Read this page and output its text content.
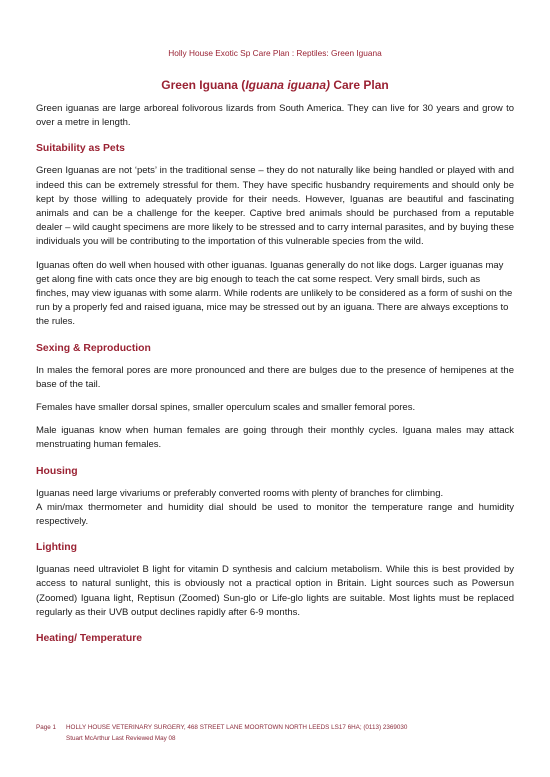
Holly House Exotic Sp Care Plan : Reptiles: Green Iguana
Green Iguana (Iguana iguana) Care Plan

Green iguanas are large arboreal folivorous lizards from South America. They can live for 30 years and grow to over a metre in length.

Suitability as Pets

Green Iguanas are not ‘pets’ in the traditional sense – they do not naturally like being handled or played with and indeed this can be extremely stressful for them. They have specific husbandry requirements and should only be kept by those willing to adequately provide for their needs. However, Iguanas are beautiful and fascinating animals and can be a challenge for the keeper. Captive bred animals should be purchased from a reputable dealer – wild caught specimens are more likely to be stressed and to carry internal parasites, and by buying these individuals you will be contributing to the importation of this vulnerable species from the wild.

Iguanas often do well when housed with other iguanas. Iguanas generally do not like dogs. Larger iguanas may get along fine with cats once they are big enough to teach the cat some respect. Very small birds, such as finches, may view iguanas with some alarm. While rodents are unlikely to be considered as a form of sushi on the run by a properly fed and raised iguana, mice may be stressed out by an iguana. There are always exceptions to the rules.

Sexing & Reproduction

In males the femoral pores are more pronounced and there are bulges due to the presence of hemipenes at the base of the tail.

Females have smaller dorsal spines, smaller operculum scales and smaller femoral pores.

Male iguanas know when human females are going through their monthly cycles. Iguana males may attack menstruating human females.

Housing

Iguanas need large vivariums or preferably converted rooms with plenty of branches for climbing.

A min/max thermometer and humidity dial should be used to monitor the temperature range and humidity respectively.

Lighting

Iguanas need ultraviolet B light for vitamin D synthesis and calcium metabolism. While this is best provided by access to natural sunlight, this is obviously not a practical option in Britain. Light sources such as Powersun (Zoomed) Iguana light, Reptisun (Zoomed) Sun-glo or Life-glo lights are suitable. Most lights must be replaced regularly as their UVB output declines rapidly after 6-9 months.

Heating/ Temperature
Page 1	HOLLY HOUSE VETERINARY SURGERY, 468 STREET LANE MOORTOWN NORTH LEEDS LS17 6HA; (0113) 2369030
Stuart McArthur Last Reviewed May 08
